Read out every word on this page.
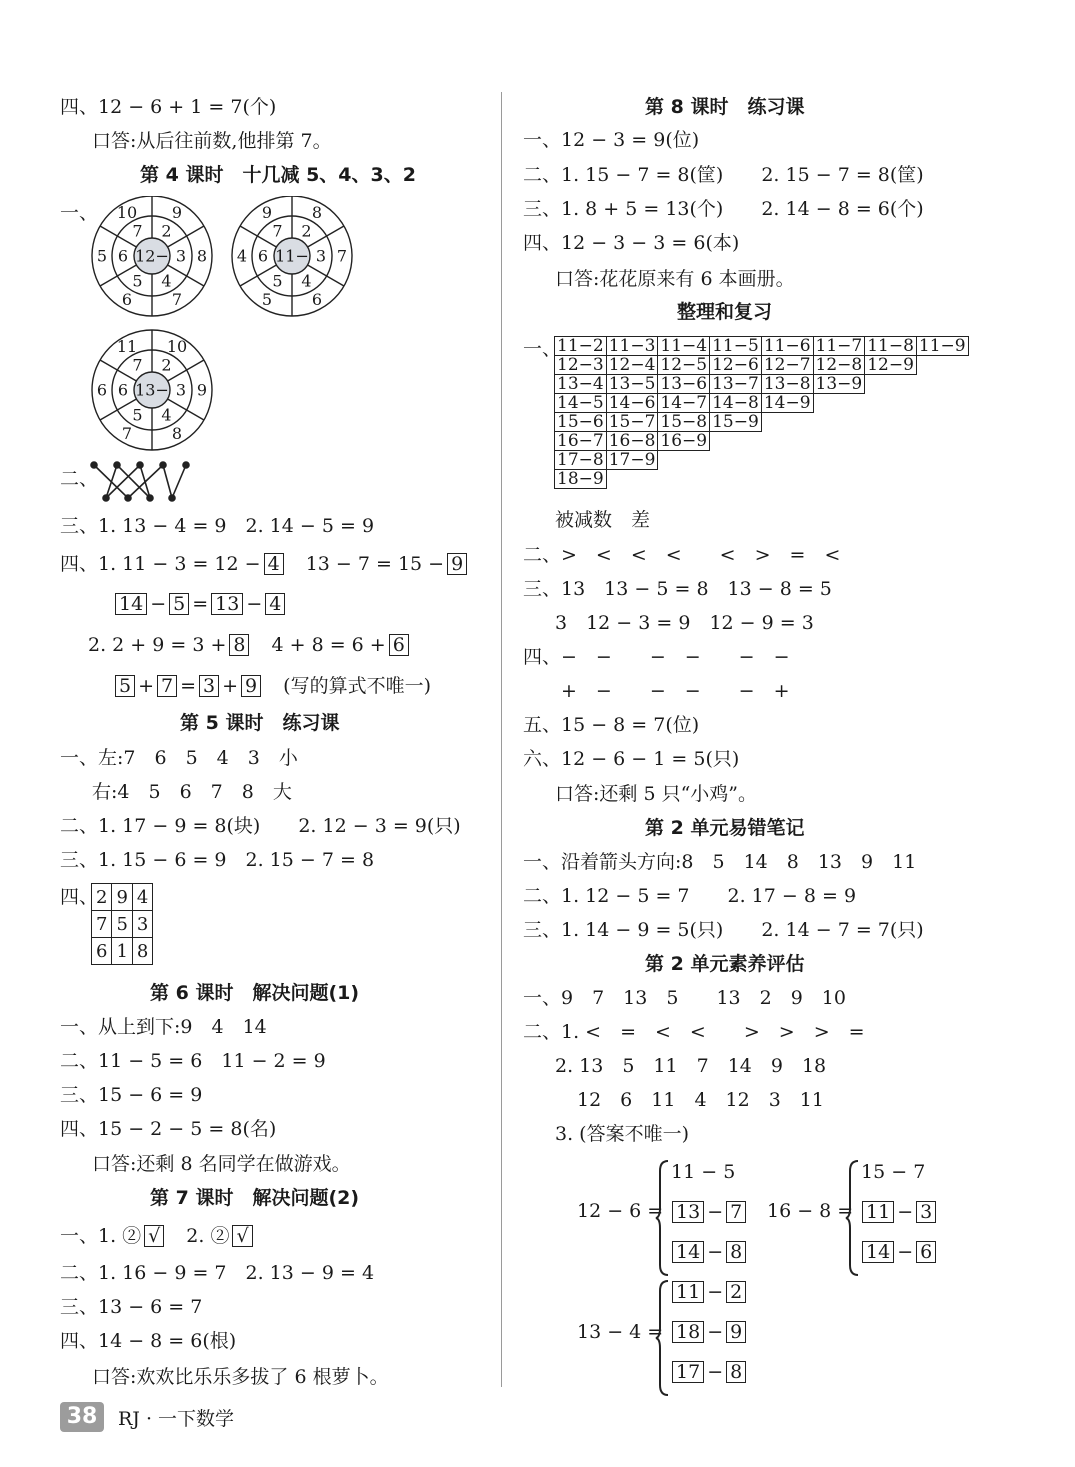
四、12 − 6 + 1 = 7(个)
口答:从后往前数,他排第 7。
第 4 课时　十几减 5、4、3、2
一、
12−
2
9
3 8
4
7
5
6
6
5
7
10
11−
2
8
3 7
4
6
5
5
6
4
7
9
13−
2
10
3 9
4
8
5
7
6
6
7
11
二、
三、1. 13 − 4 = 9　2. 14 − 5 = 9
四、1. 11 − 3 = 12 − 4　 13 − 7 = 15 − 9
14 − 5 = 13 − 4
2. 2 + 9 = 3 + 8　 4 + 8 = 6 + 6
5 + 7 = 3 + 9　 (写的算式不唯一)
第 5 课时　练习课
一、左:7　6　5　4　3　小
右:4　5　6　7　8　大
二、1. 17 − 9 = 8(块)　　2. 12 − 3 = 9(只)
三、1. 15 − 6 = 9　2. 15 − 7 = 8
四、
2	9	4
7	5	3
6	1	8
第 6 课时　解决问题(1)
一、从上到下:9　4　14
二、11 − 5 = 6　11 − 2 = 9
三、15 − 6 = 9
四、15 − 2 − 5 = 8(名)
口答:还剩 8 名同学在做游戏。
第 7 课时　解决问题(2)
一、1. ② √　 2. ② √
二、1. 16 − 9 = 7　2. 13 − 9 = 4
三、13 − 6 = 7
四、14 − 8 = 6(根)
口答:欢欢比乐乐多拔了 6 根萝卜。
第 8 课时　练习课
一、12 − 3 = 9(位)
二、1. 15 − 7 = 8(筐)　　2. 15 − 7 = 8(筐)
三、1. 8 + 5 = 13(个)　　2. 14 − 8 = 6(个)
四、12 − 3 − 3 = 6(本)
口答:花花原来有 6 本画册。
整理和复习
一、
11−2	11−3	11−4	11−5	11−6	11−7	11−8	11−9
12−3	12−4	12−5	12−6	12−7	12−8	12−9	
13−4	13−5	13−6	13−7	13−8	13−9		
14−5	14−6	14−7	14−8	14−9			
15−6	15−7	15−8	15−9				
16−7	16−8	16−9					
17−8	17−9						
18−9							
被减数　差
二、>　<　<　<　　<　>　=　<
三、13　13 − 5 = 8　13 − 8 = 5
3　12 − 3 = 9　12 − 9 = 3
四、−　−　　−　−　　−　−
+　−　　−　−　　−　+
五、15 − 8 = 7(位)
六、12 − 6 − 1 = 5(只)
口答:还剩 5 只“小鸡”。
第 2 单元易错笔记
一、沿着箭头方向:8　5　14　8　13　9　11
二、1. 12 − 5 = 7　　2. 17 − 8 = 9
三、1. 14 − 9 = 5(只)　　2. 14 − 7 = 7(只)
第 2 单元素养评估
一、9　7　13　5　　13　2　9　10
二、1. <　=　<　<　　>　>　>　=
2. 13　5　11　7　14　9　18
12　6　11　4　12　3　11
3. (答案不唯一)
12 − 6 =
11 − 5
13 − 7
14 − 8
16 − 8 =
15 − 7
11 − 3
14 − 6
13 − 4 =
11 − 2
18 − 9
17 − 8
38	RJ · 一下数学
